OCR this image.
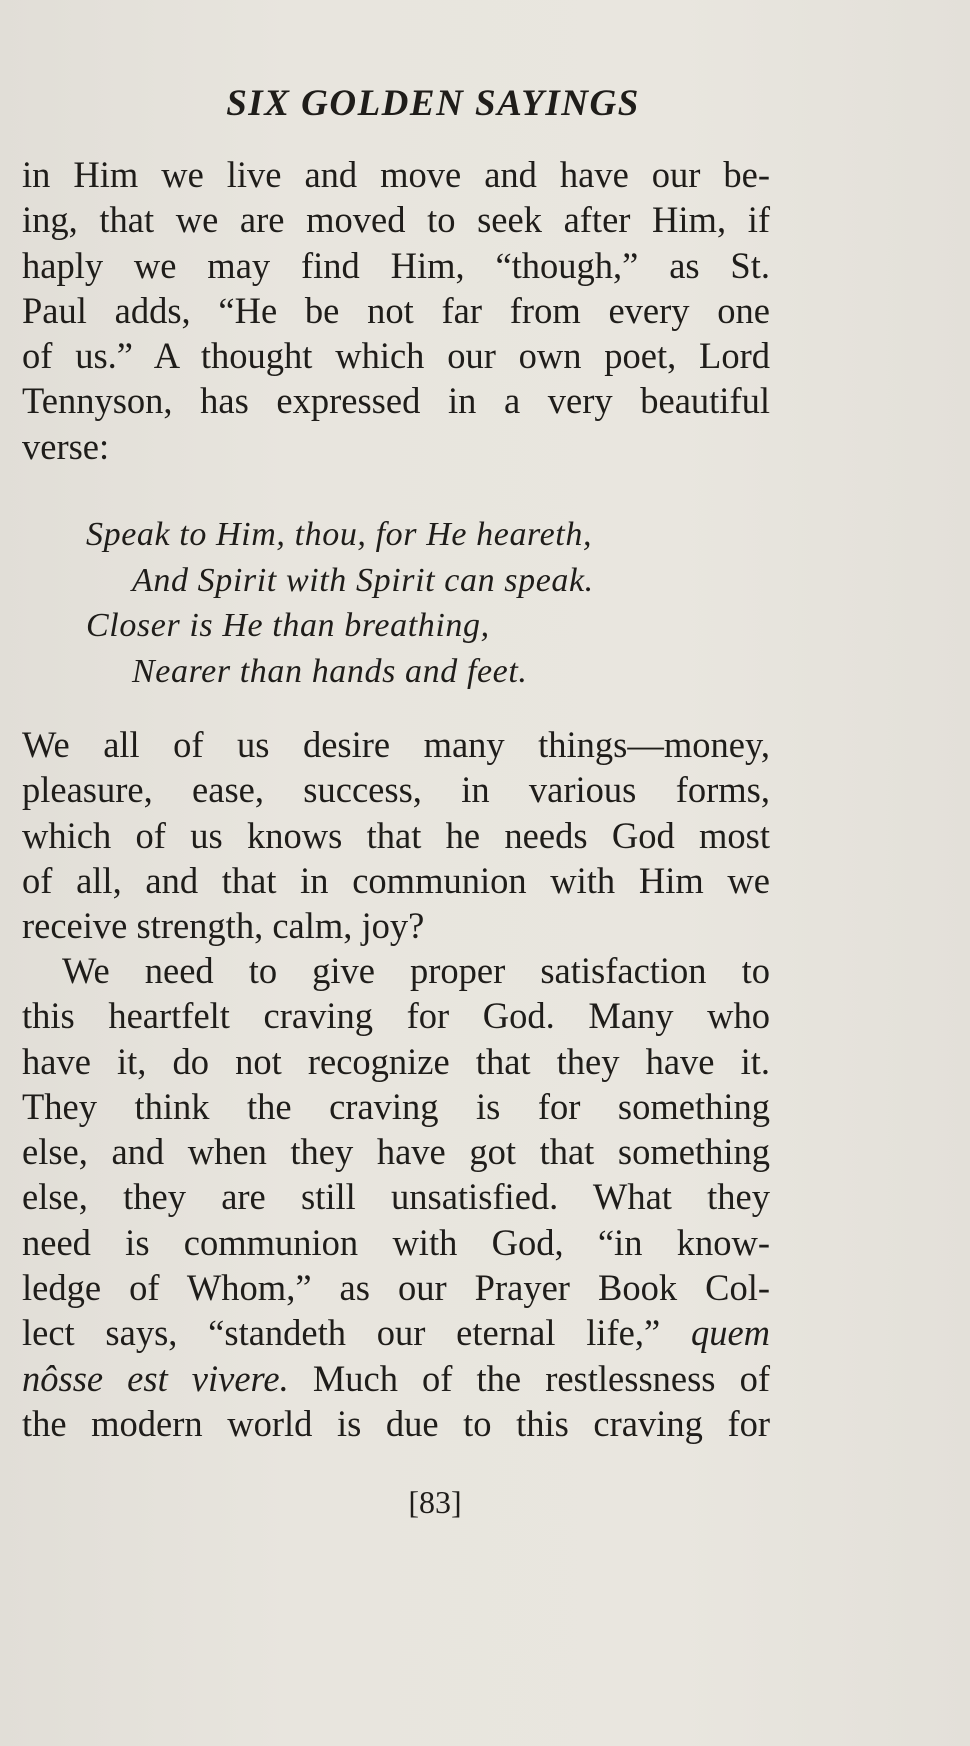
SIX GOLDEN SAYINGS
in Him we live and move and have our be-
ing, that we are moved to seek after Him, if
haply we may find Him, “though,” as St.
Paul adds, “He be not far from every one
of us.” A thought which our own poet, Lord
Tennyson, has expressed in a very beautiful
verse:
Speak to Him, thou, for He heareth,
And Spirit with Spirit can speak.
Closer is He than breathing,
Nearer than hands and feet.
We all of us desire many things—money,
pleasure, ease, success, in various forms,
which of us knows that he needs God most
of all, and that in communion with Him we
receive strength, calm, joy?
We need to give proper satisfaction to
this heartfelt craving for God. Many who
have it, do not recognize that they have it.
They think the craving is for something
else, and when they have got that something
else, they are still unsatisfied. What they
need is communion with God, “in know-
ledge of Whom,” as our Prayer Book Col-
lect says, “standeth our eternal life,” quem
nôsse est vivere. Much of the restlessness of
the modern world is due to this craving for
[83]
